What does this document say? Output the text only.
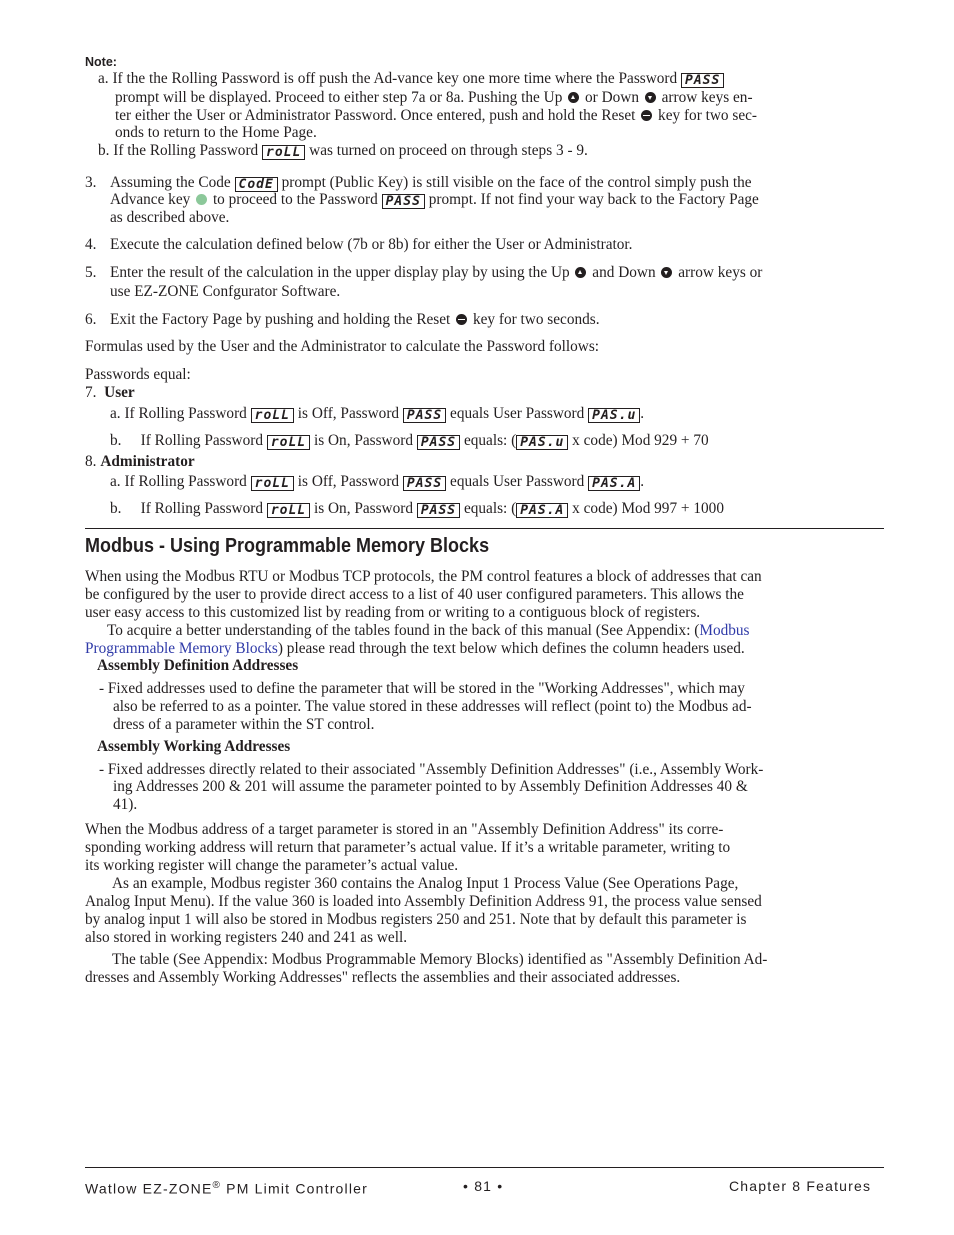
Note:
a. If the the Rolling Password is off push the Ad-vance key one more time where the Password PASS
prompt will be displayed. Proceed to either step 7a or 8a. Pushing the Up or Down arrow keys en-
ter either the User or Administrator Password. Once entered, push and hold the Reset key for two sec-
onds to return to the Home Page.
b. If the Rolling Password roLL was turned on proceed on through steps 3 - 9.
3. Assuming the Code CodE prompt (Public Key) is still visible on the face of the control simply push the
Advance key to proceed to the Password PASS prompt. If not find your way back to the Factory Page
as described above.
4. Execute the calculation defined below (7b or 8b) for either the User or Administrator.
5. Enter the result of the calculation in the upper display play by using the Up and Down arrow keys or
use EZ-ZONE Confgurator Software.
6. Exit the Factory Page by pushing and holding the Reset key for two seconds.
Formulas used by the User and the Administrator to calculate the Password follows:
Passwords equal:
7. User
a. If Rolling Password roLL is Off, Password PASS equals User Password PAS.u .
b. If Rolling Password roLL is On, Password PASS equals: ( PAS.u x code) Mod 929 + 70
8. Administrator
a. If Rolling Password roLL is Off, Password PASS equals User Password PAS.A .
b. If Rolling Password roLL is On, Password PASS equals: ( PAS.A x code) Mod 997 + 1000
Modbus - Using Programmable Memory Blocks
When using the Modbus RTU or Modbus TCP protocols, the PM control features a block of addresses that can
be configured by the user to provide direct access to a list of 40 user configured parameters. This allows the
user easy access to this customized list by reading from or writing to a contiguous block of registers.
To acquire a better understanding of the tables found in the back of this manual (See Appendix: (Modbus
Programmable Memory Blocks) please read through the text below which defines the column headers used.
Assembly Definition Addresses
- Fixed addresses used to define the parameter that will be stored in the "Working Addresses", which may
also be referred to as a pointer. The value stored in these addresses will reflect (point to) the Modbus ad-
dress of a parameter within the ST control.
Assembly Working Addresses
- Fixed addresses directly related to their associated "Assembly Definition Addresses" (i.e., Assembly Work-
ing Addresses 200 & 201 will assume the parameter pointed to by Assembly Definition Addresses 40 &
41).
When the Modbus address of a target parameter is stored in an "Assembly Definition Address" its corre-
sponding working address will return that parameter’s actual value. If it’s a writable parameter, writing to
its working register will change the parameter’s actual value.
As an example, Modbus register 360 contains the Analog Input 1 Process Value (See Operations Page,
Analog Input Menu). If the value 360 is loaded into Assembly Definition Address 91, the process value sensed
by analog input 1 will also be stored in Modbus registers 250 and 251. Note that by default this parameter is
also stored in working registers 240 and 241 as well.
The table (See Appendix: Modbus Programmable Memory Blocks) identified as "Assembly Definition Ad-
dresses and Assembly Working Addresses" reflects the assemblies and their associated addresses.
Watlow EZ-ZONE® PM Limit Controller	• 81 •	Chapter 8 Features
